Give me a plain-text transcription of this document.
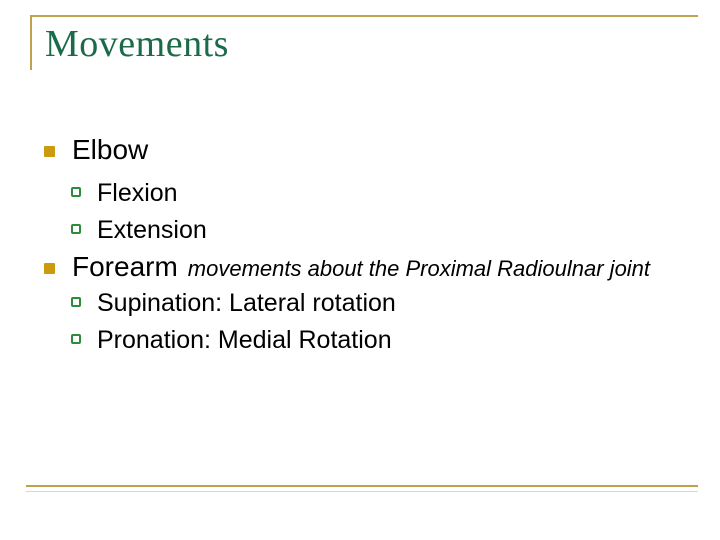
Movements
Elbow
Flexion
Extension
Forearm movements about the Proximal Radioulnar joint
Supination: Lateral rotation
Pronation: Medial Rotation
